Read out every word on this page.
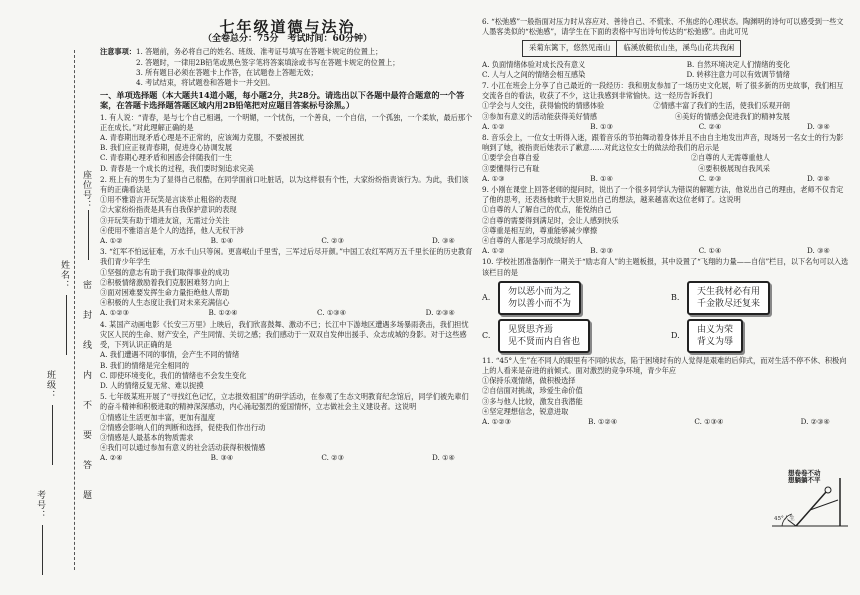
座位号：
密
封
线
内
不
要
答
题
姓名：
班级：
考号：
七年级道德与法治
（全卷总分：75分　考试时间：60分钟）
注意事项：1. 答题前，务必将自己的姓名、班级、准考证号填写在答题卡规定的位置上；
2. 答题时，一律用2B铅笔或黑色签字笔将答案填涂或书写在答题卡规定的位置上；
3. 所有题目必须在答题卡上作答，在试题卷上答题无效；
4. 考试结束，将试题卷和答题卡一并交回。
一、单项选择题（本大题共14道小题，每小题2分，共28分。请选出以下各题中最符合题意的一个答案，在答题卡选择题答题区域内用2B铅笔把对应题目答案标号涂黑。）
1. 有人说：“青春，是与七个自己相遇，一个明媚，一个忧伤，一个善良，一个自信，一个孤独，一个柔软，最后那个正在成长。”对此理解正确的是
A. 青春期出现矛盾心理是不正常的，应该竭力克服，不要被困扰
B. 我们应正视青春期，促进身心协调发展
C. 青春期心理矛盾和困惑会伴随我们一生
D. 青春是一个成长的过程，我们要时刻追求完美
2. 班上有的男生为了显得自己很酷，在同学面前口吐脏话，以为这样很有个性，大家纷纷指责该行为。为此，我们该有的正确看法是
①用不雅语言开玩笑是言谈举止粗俗的表现
②大家纷纷指责是具有自我保护意识的表现
③开玩笑有助于增进友谊，无需过分关注
④使用不雅语言是个人的选择，他人无权干涉
A. ①②	B. ①④	C. ②③	D. ③④
3. “红军不怕远征难，万水千山只等闲。更喜岷山千里雪，三军过后尽开颜。”中国工农红军两万五千里长征的历史教育我们青少年学生
①坚强的意志有助于我们取得事业的成功
②积极情绪激励着我们克服困难努力向上
③面对困难要发挥生命力量拒绝他人帮助
④积极的人生态度让我们对未来充满信心
A. ①②③	B. ①②④	C. ①③④	D. ②③④
4. 某国产动画电影《长安三万里》上映后，我们欣喜鼓舞、激动不已；长江中下游地区遭遇多场暴雨袭击，我们担忧灾区人民的生命、财产安全，产生同情、关切之感；我们感动于一双双自发伸出援手、众志成城的身影。对于这些感受，下列认识正确的是
A. 我们遭遇不同的事情，会产生不同的情绪
B. 我们的情绪是完全相同的
C. 即使环境变化，我们的情绪也不会发生变化
D. 人的情绪反复无常、难以捉摸
5. 七年级某班开展了“寻找红色记忆，立志报效祖国”的研学活动，在参观了生态文明教育纪念馆后，同学们被先辈们的奋斗精神和积极进取的精神深深感动，内心涌起强烈的爱国情怀，立志做社会主义建设者。这说明
①情感让生活更加丰富，更加有温度
②情感会影响人们的判断和选择，促使我们作出行动
③情感是人最基本的物质需求
④我们可以通过参加有意义的社会活动获得积极情感
A. ②④	B. ③④	C. ②③	D. ①④
6. “松弛感”一般指面对压力时从容应对、善待自己、不慌张、不焦虑的心理状态。陶渊明的诗句可以感受到一些文人墨客类似的“松弛感”，请学生在下面的表格中写出诗句传达的“松弛感”。由此可见
采菊东篱下，悠然见南山	临溪放艇依山坐，溪鸟山花共我闲
A. 负面情绪体验对成长没有意义	B. 自然环境决定人们情绪的变化
C. 人与人之间的情绪会相互感染	D. 转移注意力可以有效调节情绪
7. 小江在班会上分享了自己最近的一段经历：我和朋友参加了一场历史文化展，听了很多新的历史故事，我们相互交流各自的看法，收获了不少，这让我感到非常愉快。这一经历告诉我们
①学会与人交往，获得愉悦的情感体验	②情感丰富了我们的生活，使我们乐观开朗
③参加有意义的活动能获得美好情感	④美好的情感会促进我们的精神发展
A. ①②	B. ①③	C. ②④	D. ③④
8. 音乐会上，一位女士听得入迷，跟着音乐的节拍舞动着身体并且不由自主地发出声音，现场另一名女士的行为影响到了她，被指责后她表示了歉意……对此这位女士的做法给我们的启示是
①要学会自尊自爱	②自尊的人无需尊重他人
③要懂得行己有耻	④要积极展现自我风采
A. ①③	B. ①④	C. ②③	D. ②④
9. 小刚在课堂上回答老师的提问时，说出了一个很多同学认为错误的解题方法，他说出自己的理由，老师不仅肯定了他的思考，还表扬他敢于大胆说出自己的想法，越来越喜欢这位老师了。这说明
①自尊的人了解自己的优点，能悦纳自己
②自尊的需要得到满足时，会让人感到快乐
③尊重是相互的，尊重能够减少摩擦
④自尊的人都是学习成绩好的人
A. ①②	B. ②③	C. ①④	D. ③④
10. 学校社团准备制作一期关于“励志育人”的主题板报，其中设置了“飞翔的力量——自信”栏目，以下名句可以入选该栏目的是
A.
勿以恶小而为之
勿以善小而不为
B.
天生我材必有用
千金散尽还复来
C.
见贤思齐焉
见不贤而内自省也
D.
由义为荣
背义为辱
11. “45°人生”在不同人的眼里有不同的状态，陷于困境时有的人觉得是艰难的后仰式，而对生活不停不休、积极向上的人看来是奋进的前倾式。面对激烈的竞争环境，青少年应
①保持乐观情绪，做积极选择
②自信面对挑战，珍爱生命价值
③多与他人比较，激发自我潜能
④坚定理想信念，锐意进取
A. ①②③	B. ①②④	C. ①③④	D. ②③④
想卷卷不动
想躺躺不平
45°人生
